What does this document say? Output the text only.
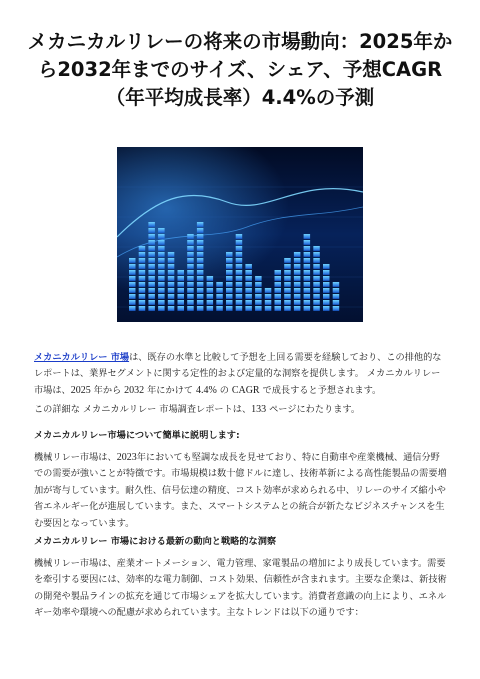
メカニカルリレーの将来の市場動向：2025年から2032年までのサイズ、シェア、予想CAGR（年平均成長率）4.4%の予測

メカニカルリレー 市場は、既存の水準と比較して予想を上回る需要を経験しており、この排他的なレポートは、業界セグメントに関する定性的および定量的な洞察を提供します。 メカニカルリレー 市場は、2025 年から 2032 年にかけて 4.4% の CAGR で成長すると予想されます。

この詳細な メカニカルリレー 市場調査レポートは、133 ページにわたります。

メカニカルリレー市場について簡単に説明します:

機械リレー市場は、2023年においても堅調な成長を見せており、特に自動車や産業機械、通信分野での需要が強いことが特徴です。市場規模は数十億ドルに達し、技術革新による高性能製品の需要増加が寄与しています。耐久性、信号伝達の精度、コスト効率が求められる中、リレーのサイズ縮小や省エネルギー化が進展しています。また、スマートシステムとの統合が新たなビジネスチャンスを生む要因となっています。

メカニカルリレー 市場における最新の動向と戦略的な洞察

機械リレー市場は、産業オートメーション、電力管理、家電製品の増加により成長しています。需要を牽引する要因には、効率的な電力制御、コスト効果、信頼性が含まれます。主要な企業は、新技術の開発や製品ラインの拡充を通じて市場シェアを拡大しています。消費者意識の向上により、エネルギー効率や環境への配慮が求められています。主なトレンドは以下の通りです：
